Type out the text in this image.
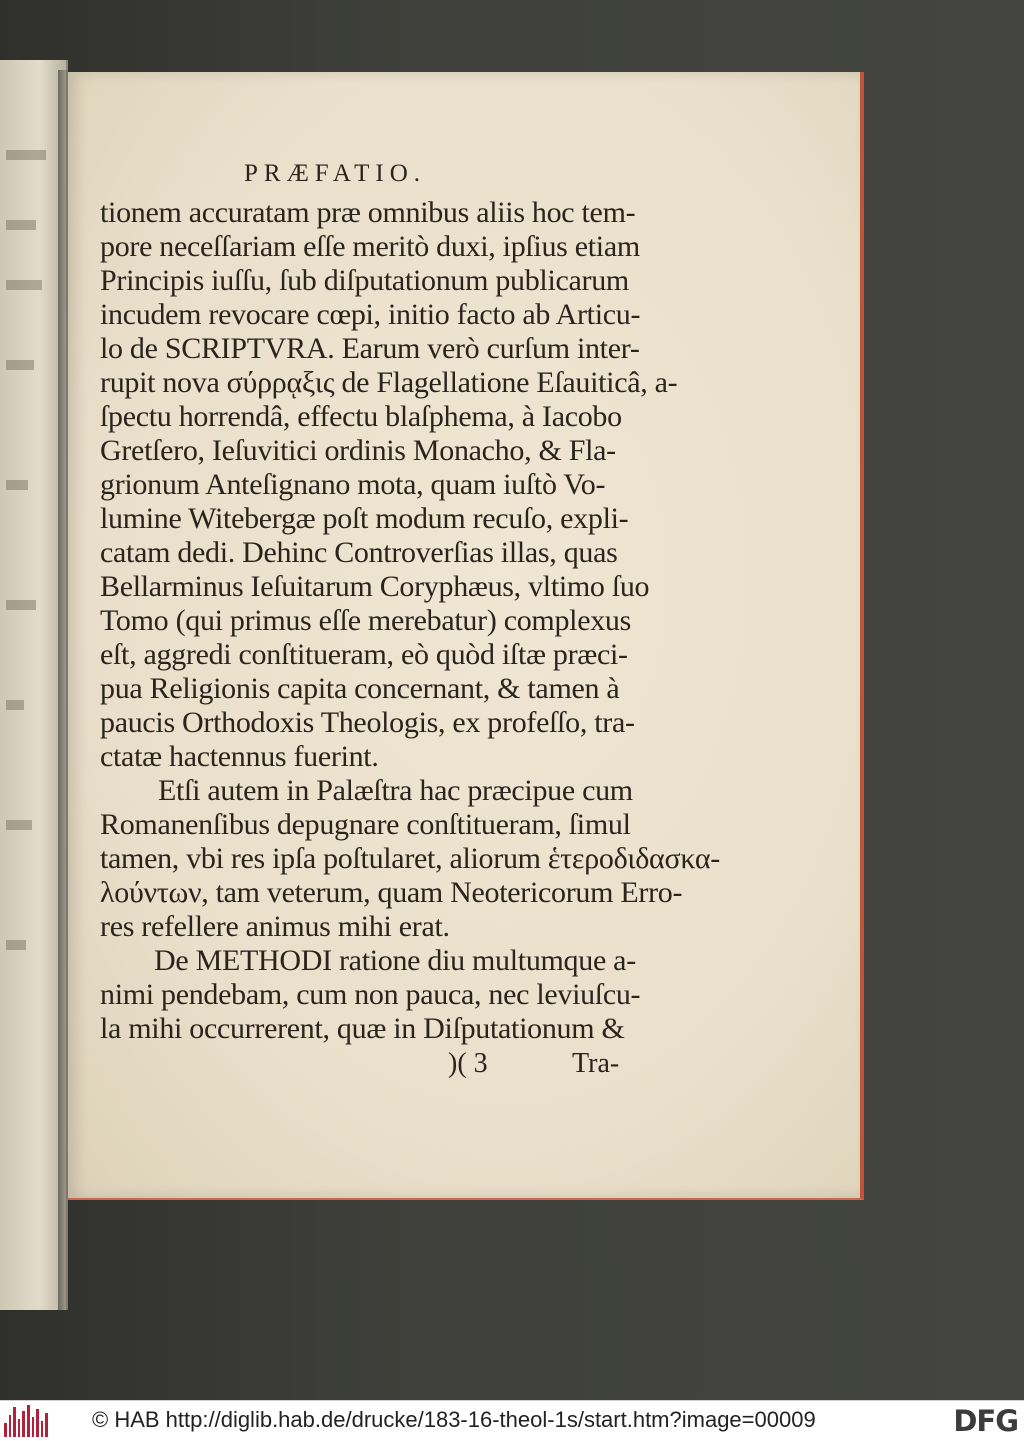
PRÆFATIO.
tionem accuratam præ omnibus aliis hoc tem-
pore neceſſariam eſſe meritò duxi, ipſius etiam
Principis iuſſu, ſub diſputationum publicarum
incudem revocare cœpi, initio facto ab Articu-
lo de SCRIPTVRA. Earum verò curſum inter-
rupit nova σύρρᾳξις de Flagellatione Eſauiticâ, a-
ſpectu horrendâ, effectu blaſphema, à Iacobo
Gretſero, Ieſuvitici ordinis Monacho, & Fla-
grionum Anteſignano mota, quam iuſtò Vo-
lumine Witebergæ poſt modum recuſo, expli-
catam dedi. Dehinc Controverſias illas, quas
Bellarminus Ieſuitarum Coryphæus, vltimo ſuo
Tomo (qui primus eſſe merebatur) complexus
eſt, aggredi conſtitueram, eò quòd iſtæ præci-
pua Religionis capita concernant, & tamen à
paucis Orthodoxis Theologis, ex profeſſo, tra-
ctatæ hactennus fuerint.
Etſi autem in Palæſtra hac præcipue cum
Romanenſibus depugnare conſtitueram, ſimul
tamen, vbi res ipſa poſtularet, aliorum ἑτεροδιδασκα-
λούντων, tam veterum, quam Neotericorum Erro-
res refellere animus mihi erat.
De METHODI ratione diu multumque a-
nimi pendebam, cum non pauca, nec leviuſcu-
la mihi occurrerent, quæ in Diſputationum &
)( 3	Tra-
© HAB http://diglib.hab.de/drucke/183-16-theol-1s/start.htm?image=00009	DFG
